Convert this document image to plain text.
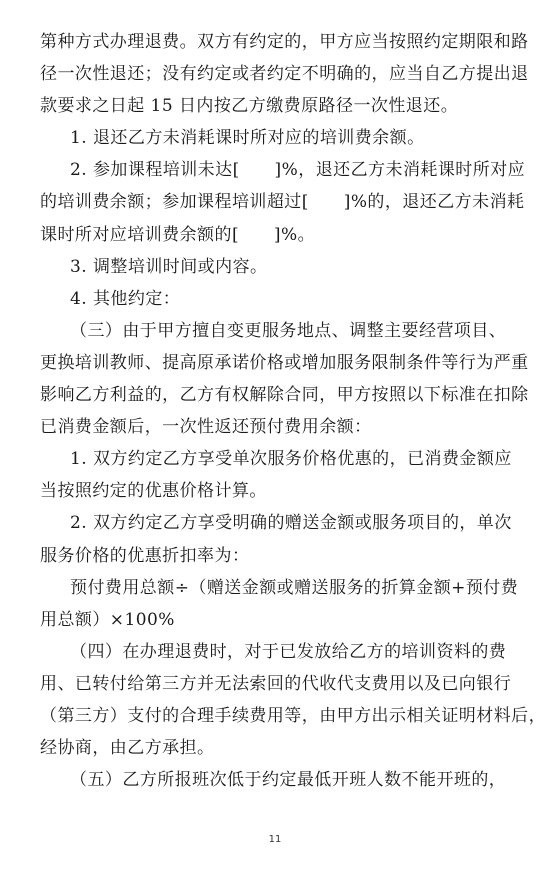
第种方式办理退费。双方有约定的，甲方应当按照约定期限和路
径一次性退还；没有约定或者约定不明确的，应当自乙方提出退
款要求之日起 15 日内按乙方缴费原路径一次性退还。
1. 退还乙方未消耗课时所对应的培训费余额。
2. 参加课程培训未达[　　]%，退还乙方未消耗课时所对应
的培训费余额；参加课程培训超过[　　]%的，退还乙方未消耗
课时所对应培训费余额的[　　]%。
3. 调整培训时间或内容。
4. 其他约定：
（三）由于甲方擅自变更服务地点、调整主要经营项目、
更换培训教师、提高原承诺价格或增加服务限制条件等行为严重
影响乙方利益的，乙方有权解除合同，甲方按照以下标准在扣除
已消费金额后，一次性返还预付费用余额：
1. 双方约定乙方享受单次服务价格优惠的，已消费金额应
当按照约定的优惠价格计算。
2. 双方约定乙方享受明确的赠送金额或服务项目的，单次
服务价格的优惠折扣率为：
预付费用总额÷（赠送金额或赠送服务的折算金额+预付费
用总额）×100%
（四）在办理退费时，对于已发放给乙方的培训资料的费
用、已转付给第三方并无法索回的代收代支费用以及已向银行
（第三方）支付的合理手续费用等，由甲方出示相关证明材料后，
经协商，由乙方承担。
（五）乙方所报班次低于约定最低开班人数不能开班的，
11
